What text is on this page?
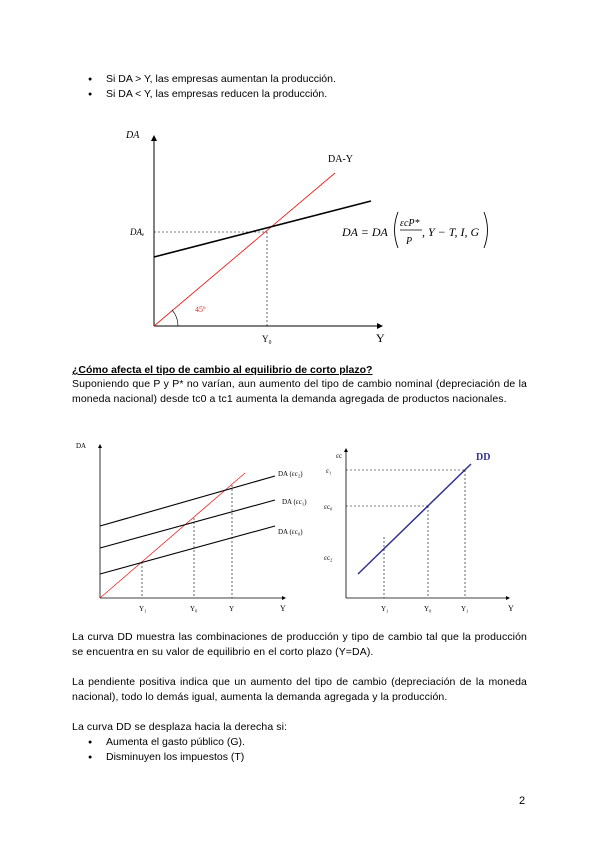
● Si DA > Y, las empresas aumentan la producción.
● Si DA < Y, las empresas reducen la producción.
DA
Y
DA-Y
DAₑ
Y₀
45º
DA = DA
ɛcP*
P
, Y − T, I, G
¿Cómo afecta el tipo de cambio al equilibrio de corto plazo?
Suponiendo que P y P* no varían, aun aumento del tipo de cambio nominal (depreciación de la moneda nacional) desde tc0 a tc1 aumenta la demanda agregada de productos nacionales.
DA
Y
DA (ɛc₂)
DA (ɛc₁)
DA (ɛc₀)
Y₁	Y₀	Y
ɛc
Y
DD
ɛ₁
ɛc₀
ɛc₂
Y₁	Y₀	Y₁
La curva DD muestra las combinaciones de producción y tipo de cambio tal que la producción se encuentra en su valor de equilibrio en el corto plazo (Y=DA).
La pendiente positiva indica que un aumento del tipo de cambio (depreciación de la moneda nacional), todo lo demás igual, aumenta la demanda agregada y la producción.
La curva DD se desplaza hacia la derecha si:
● Aumenta el gasto público (G).
● Disminuyen los impuestos (T)
2
